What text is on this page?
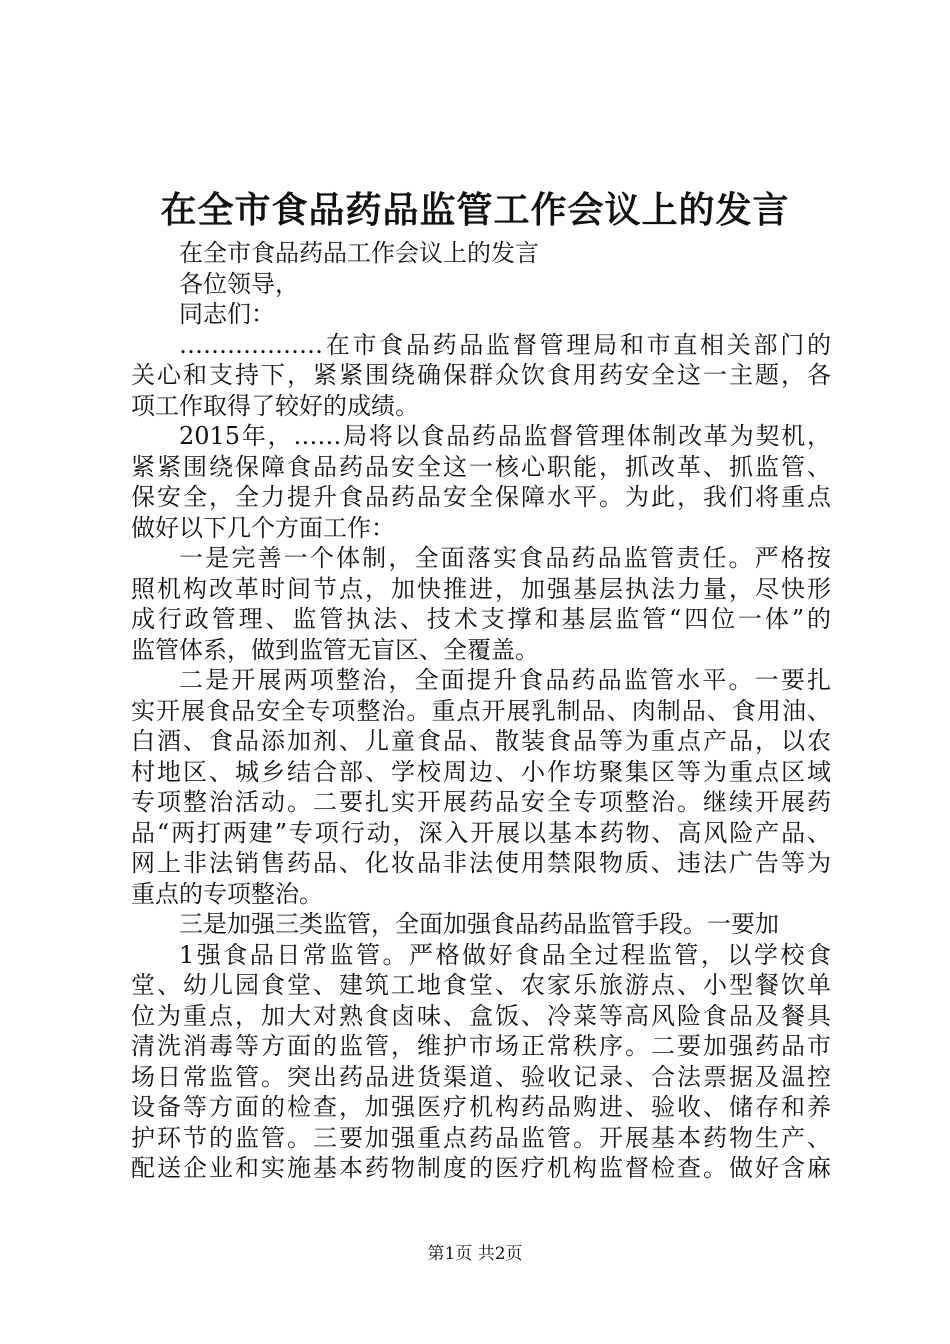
在全市食品药品监管工作会议上的发言
在全市食品药品工作会议上的发言
各位领导，
同志们：
………………在市食品药品监督管理局和市直相关部门的
关心和支持下，紧紧围绕确保群众饮食用药安全这一主题，各
项工作取得了较好的成绩。
2015年，……局将以食品药品监督管理体制改革为契机，
紧紧围绕保障食品药品安全这一核心职能，抓改革、抓监管、
保安全，全力提升食品药品安全保障水平。为此，我们将重点
做好以下几个方面工作：
一是完善一个体制，全面落实食品药品监管责任。严格按
照机构改革时间节点，加快推进，加强基层执法力量，尽快形
成行政管理、监管执法、技术支撑和基层监管“四位一体”的
监管体系，做到监管无盲区、全覆盖。
二是开展两项整治，全面提升食品药品监管水平。一要扎
实开展食品安全专项整治。重点开展乳制品、肉制品、食用油、
白酒、食品添加剂、儿童食品、散装食品等为重点产品，以农
村地区、城乡结合部、学校周边、小作坊聚集区等为重点区域
专项整治活动。二要扎实开展药品安全专项整治。继续开展药
品“两打两建”专项行动，深入开展以基本药物、高风险产品、
网上非法销售药品、化妆品非法使用禁限物质、违法广告等为
重点的专项整治。
三是加强三类监管，全面加强食品药品监管手段。一要加
1强食品日常监管。严格做好食品全过程监管，以学校食
堂、幼儿园食堂、建筑工地食堂、农家乐旅游点、小型餐饮单
位为重点，加大对熟食卤味、盒饭、冷菜等高风险食品及餐具
清洗消毒等方面的监管，维护市场正常秩序。二要加强药品市
场日常监管。突出药品进货渠道、验收记录、合法票据及温控
设备等方面的检查，加强医疗机构药品购进、验收、储存和养
护环节的监管。三要加强重点药品监管。开展基本药物生产、
配送企业和实施基本药物制度的医疗机构监督检查。做好含麻
第1页 共2页
